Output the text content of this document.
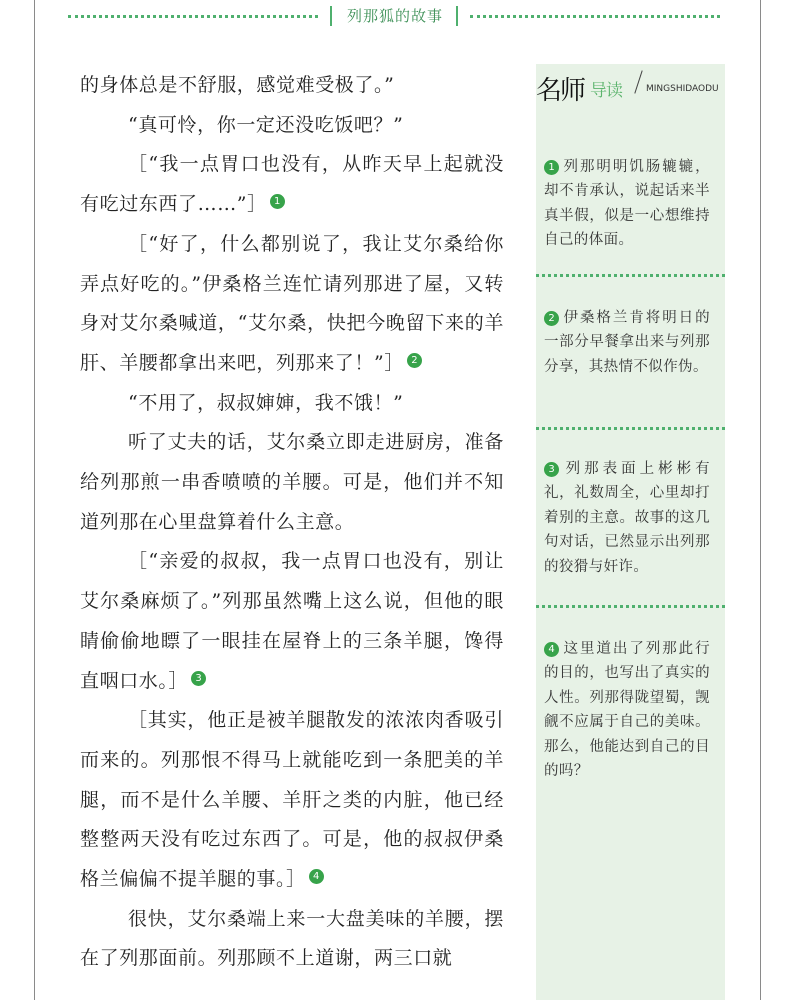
列那狐的故事

的身体总是不舒服，感觉难受极了。”

“真可怜，你一定还没吃饭吧？”

［“我一点胃口也没有，从昨天早上起就没有吃过东西了……”］ 1

［“好了，什么都别说了，我让艾尔桑给你弄点好吃的。”伊桑格兰连忙请列那进了屋，又转身对艾尔桑喊道，“艾尔桑，快把今晚留下来的羊肝、羊腰都拿出来吧，列那来了！”］ 2

“不用了，叔叔婶婶，我不饿！”

听了丈夫的话，艾尔桑立即走进厨房，准备给列那煎一串香喷喷的羊腰。可是，他们并不知道列那在心里盘算着什么主意。

［“亲爱的叔叔，我一点胃口也没有，别让艾尔桑麻烦了。”列那虽然嘴上这么说，但他的眼睛偷偷地瞟了一眼挂在屋脊上的三条羊腿，馋得直咽口水。］ 3

［其实，他正是被羊腿散发的浓浓肉香吸引而来的。列那恨不得马上就能吃到一条肥美的羊腿，而不是什么羊腰、羊肝之类的内脏，他已经整整两天没有吃过东西了。可是，他的叔叔伊桑格兰偏偏不提羊腿的事。］ 4

很快，艾尔桑端上来一大盘美味的羊腰，摆在了列那面前。列那顾不上道谢，两三口就

名师 导读	MINGSHIDAODU
1 列那明明饥肠辘辘，却不肯承认，说起话来半真半假，似是一心想维持自己的体面。
2 伊桑格兰肯将明日的一部分早餐拿出来与列那分享，其热情不似作伪。
3 列那表面上彬彬有礼，礼数周全，心里却打着别的主意。故事的这几句对话，已然显示出列那的狡猾与奸诈。
4 这里道出了列那此行的目的，也写出了真实的人性。列那得陇望蜀，觊觎不应属于自己的美味。那么，他能达到自己的目的吗？
